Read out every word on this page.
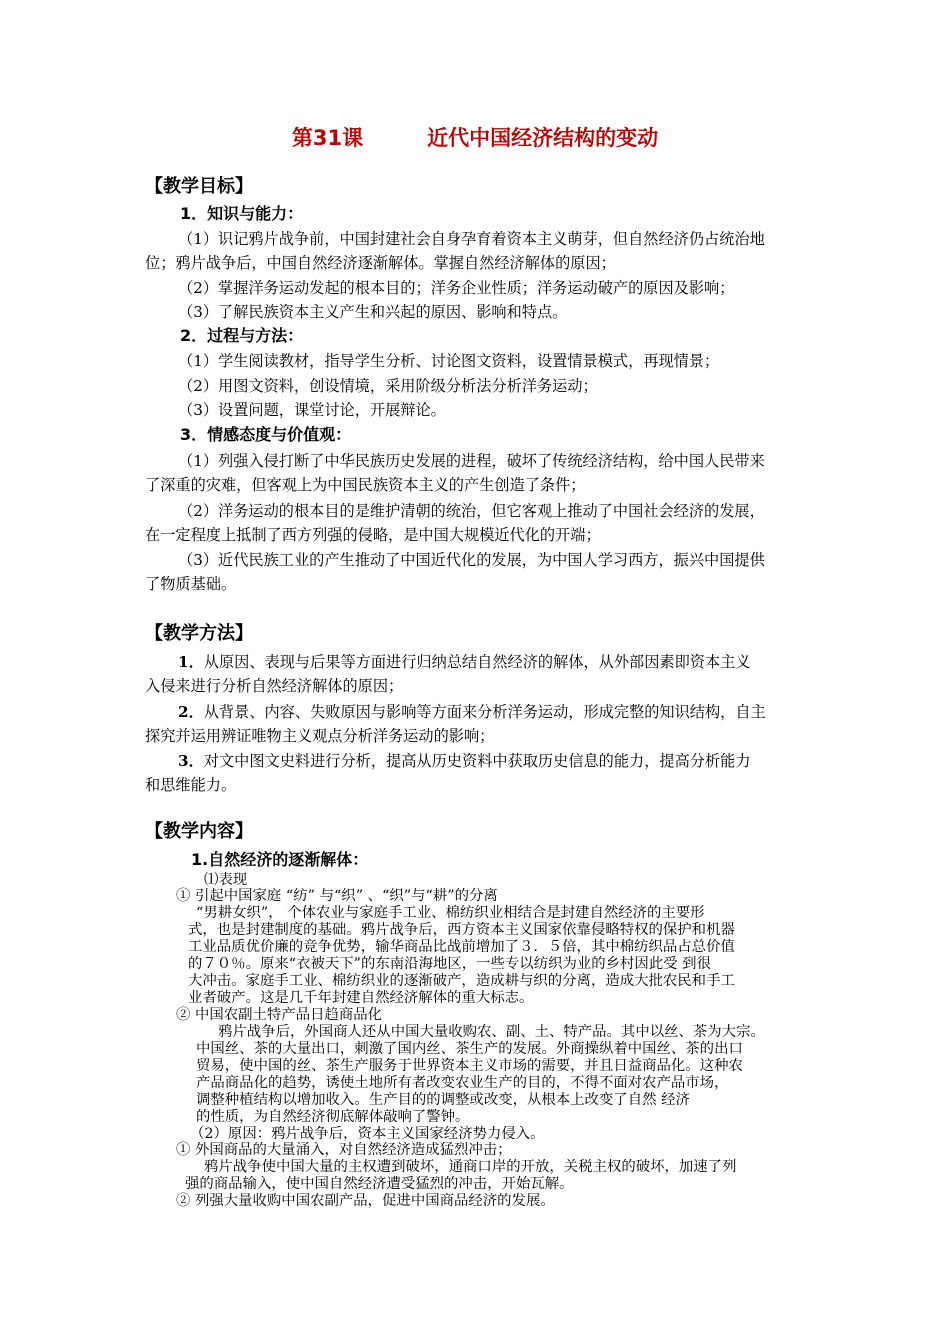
第31课	近代中国经济结构的变动
【教学目标】
1．知识与能力：
（1）识记鸦片战争前，中国封建社会自身孕育着资本主义萌芽，但自然经济仍占统治地
位；鸦片战争后，中国自然经济逐渐解体。掌握自然经济解体的原因；
（2）掌握洋务运动发起的根本目的；洋务企业性质；洋务运动破产的原因及影响；
（3）了解民族资本主义产生和兴起的原因、影响和特点。
2．过程与方法：
（1）学生阅读教材，指导学生分析、讨论图文资料，设置情景模式，再现情景；
（2）用图文资料，创设情境，采用阶级分析法分析洋务运动；
（3）设置问题，课堂讨论，开展辩论。
3．情感态度与价值观：
（1）列强入侵打断了中华民族历史发展的进程，破坏了传统经济结构，给中国人民带来
了深重的灾难，但客观上为中国民族资本主义的产生创造了条件；
（2）洋务运动的根本目的是维护清朝的统治，但它客观上推动了中国社会经济的发展，
在一定程度上抵制了西方列强的侵略，是中国大规模近代化的开端；
（3）近代民族工业的产生推动了中国近代化的发展，为中国人学习西方，振兴中国提供
了物质基础。
【教学方法】
1．从原因、表现与后果等方面进行归纳总结自然经济的解体，从外部因素即资本主义
入侵来进行分析自然经济解体的原因；
2．从背景、内容、失败原因与影响等方面来分析洋务运动，形成完整的知识结构，自主
探究并运用辨证唯物主义观点分析洋务运动的影响；
3．对文中图文史料进行分析，提高从历史资料中获取历史信息的能力，提高分析能力
和思维能力。
【教学内容】
1.自然经济的逐渐解体：
⑴表现
① 引起中国家庭 “纺” 与“织” 、“织”与“耕”的分离
“男耕女织”， 个体农业与家庭手工业、棉纺织业相结合是封建自然经济的主要形
式，也是封建制度的基础。鸦片战争后，西方资本主义国家依靠侵略特权的保护和机器
工业品质优价廉的竞争优势，输华商品比战前增加了３．５倍，其中棉纺织品占总价值
的７０％。原来“衣被天下”的东南沿海地区，一些专以纺织为业的乡村因此受 到很
大冲击。家庭手工业、棉纺织业的逐渐破产，造成耕与织的分离，造成大批农民和手工
业者破产。这是几千年封建自然经济解体的重大标志。
② 中国农副土特产品日趋商品化
鸦片战争后，外国商人还从中国大量收购农、副、土、特产品。其中以丝、茶为大宗。
中国丝、茶的大量出口，刺激了国内丝、茶生产的发展。外商操纵着中国丝、茶的出口
贸易，使中国的丝、茶生产服务于世界资本主义市场的需要，并且日益商品化。这种农
产品商品化的趋势，诱使土地所有者改变农业生产的目的，不得不面对农产品市场，
调整种植结构以增加收入。生产目的的调整或改变，从根本上改变了自然 经济
的性质，为自然经济彻底解体敲响了警钟。
（2）原因：鸦片战争后，资本主义国家经济势力侵入。
① 外国商品的大量涌入，对自然经济造成猛烈冲击；
鸦片战争使中国大量的主权遭到破坏，通商口岸的开放，关税主权的破坏，加速了列
强的商品输入，使中国自然经济遭受猛烈的冲击，开始瓦解。
② 列强大量收购中国农副产品，促进中国商品经济的发展。
